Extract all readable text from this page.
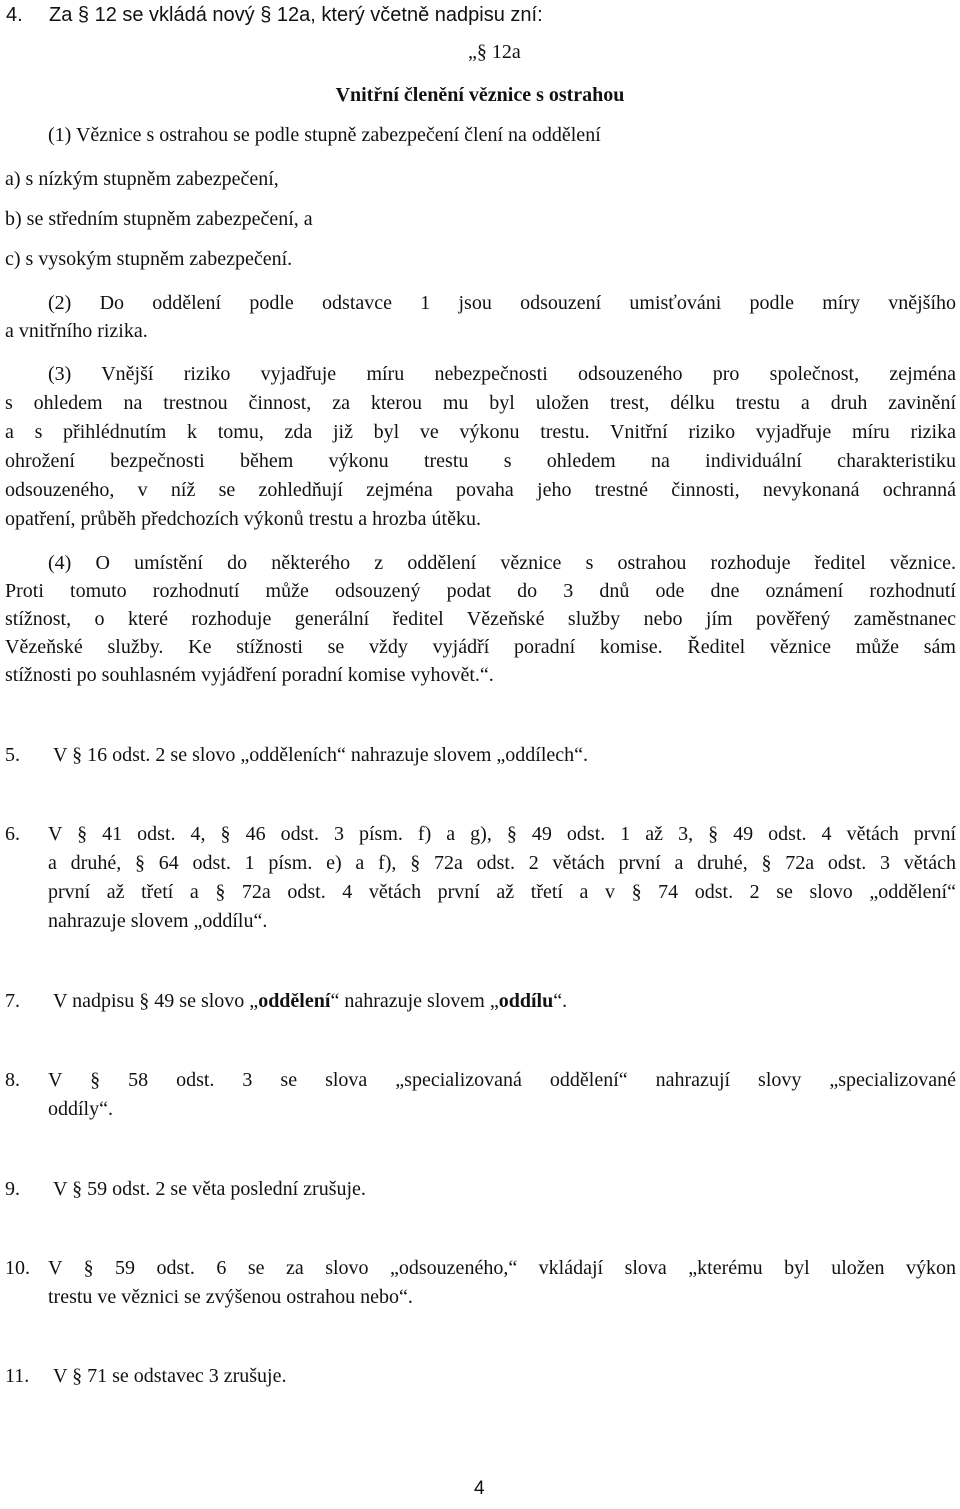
4. Za § 12 se vkládá nový § 12a, který včetně nadpisu zní:
„§ 12a
Vnitřní členění věznice s ostrahou
(1) Věznice s ostrahou se podle stupně zabezpečení člení na oddělení
a) s nízkým stupněm zabezpečení,
b) se středním stupněm zabezpečení, a
c) s vysokým stupněm zabezpečení.
(2) Do oddělení podle odstavce 1 jsou odsouzení umisťováni podle míry vnějšího
a vnitřního rizika.
(3) Vnější riziko vyjadřuje míru nebezpečnosti odsouzeného pro společnost, zejména
s ohledem na trestnou činnost, za kterou mu byl uložen trest, délku trestu a druh zavinění
a s přihlédnutím k tomu, zda již byl ve výkonu trestu. Vnitřní riziko vyjadřuje míru rizika
ohrožení bezpečnosti během výkonu trestu s ohledem na individuální charakteristiku
odsouzeného, v níž se zohledňují zejména povaha jeho trestné činnosti, nevykonaná ochranná
opatření, průběh předchozích výkonů trestu a hrozba útěku.
(4) O umístění do některého z oddělení věznice s ostrahou rozhoduje ředitel věznice.
Proti tomuto rozhodnutí může odsouzený podat do 3 dnů ode dne oznámení rozhodnutí
stížnost, o které rozhoduje generální ředitel Vězeňské služby nebo jím pověřený zaměstnanec
Vězeňské služby. Ke stížnosti se vždy vyjádří poradní komise. Ředitel věznice může sám
stížnosti po souhlasném vyjádření poradní komise vyhovět.“.
5. V § 16 odst. 2 se slovo „odděleních“ nahrazuje slovem „oddílech“.
6.	V § 41 odst. 4, § 46 odst. 3 písm. f) a g), § 49 odst. 1 až 3, § 49 odst. 4 větách první
a druhé, § 64 odst. 1 písm. e) a f), § 72a odst. 2 větách první a druhé, § 72a odst. 3 větách
první až třetí a § 72a odst. 4 větách první až třetí a v § 74 odst. 2 se slovo „oddělení“
nahrazuje slovem „oddílu“.
7. V nadpisu § 49 se slovo „oddělení“ nahrazuje slovem „oddílu“.
8.	V § 58 odst. 3 se slova „specializovaná oddělení“ nahrazují slovy „specializované
oddíly“.
9. V § 59 odst. 2 se věta poslední zrušuje.
10. V § 59 odst. 6 se za slovo „odsouzeného,“ vkládají slova „kterému byl uložen výkon
trestu ve věznici se zvýšenou ostrahou nebo“.
11. V § 71 se odstavec 3 zrušuje.
4
